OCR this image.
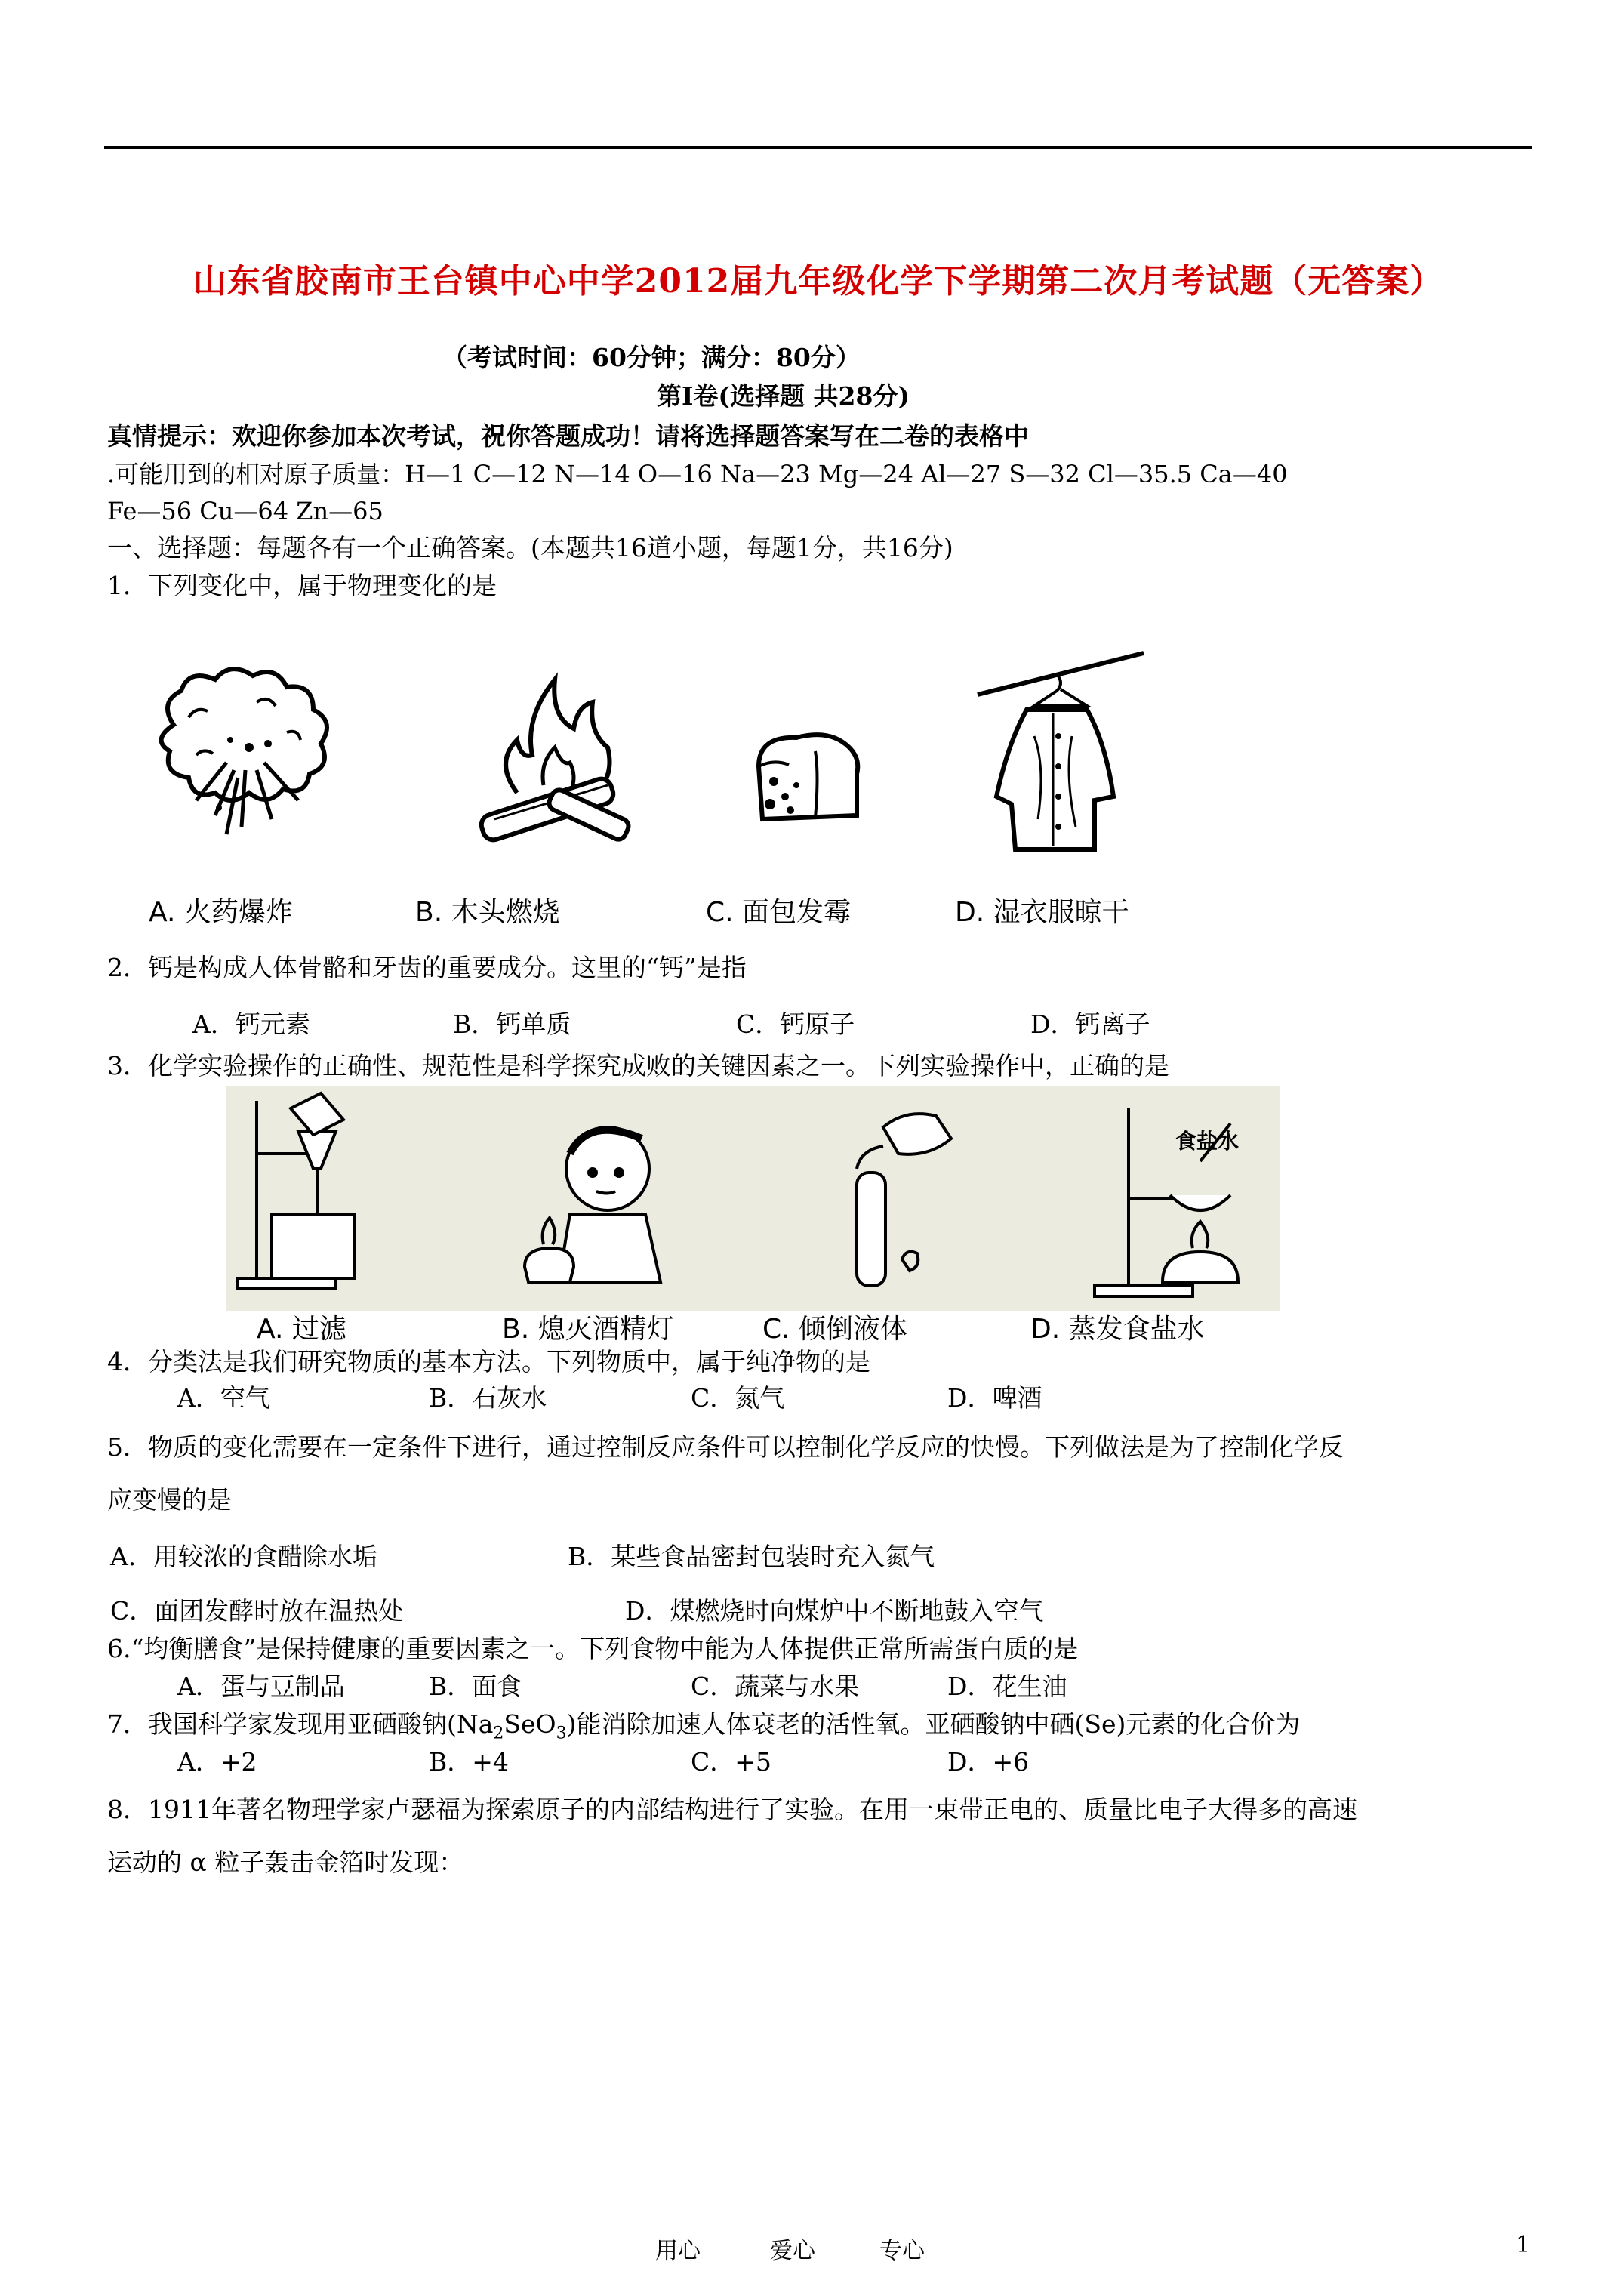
山东省胶南市王台镇中心中学2012届九年级化学下学期第二次月考试题（无答案）
（考试时间：60分钟；满分：80分）
第Ⅰ卷(选择题 共28分)
真情提示：欢迎你参加本次考试，祝你答题成功！请将选择题答案写在二卷的表格中
.可能用到的相对原子质量：H—1 C—12 N—14 O—16 Na—23 Mg—24 Al—27 S—32 Cl—35.5 Ca—40
Fe—56 Cu—64 Zn—65
一、选择题：每题各有一个正确答案。(本题共16道小题，每题1分，共16分)
1．下列变化中，属于物理变化的是
A. 火药爆炸	B. 木头燃烧	C. 面包发霉	D. 湿衣服晾干
2．钙是构成人体骨骼和牙齿的重要成分。这里的“钙”是指
A．钙元素	B．钙单质	C．钙原子	D．钙离子
3．化学实验操作的正确性、规范性是科学探究成败的关键因素之一。下列实验操作中，正确的是
食盐水
A. 过滤	B. 熄灭酒精灯	C. 倾倒液体	D. 蒸发食盐水
4．分类法是我们研究物质的基本方法。下列物质中，属于纯净物的是
A．空气	B．石灰水	C．氮气	D．啤酒
5．物质的变化需要在一定条件下进行，通过控制反应条件可以控制化学反应的快慢。下列做法是为了控制化学反
应变慢的是
A．用较浓的食醋除水垢	B．某些食品密封包装时充入氮气
C．面团发酵时放在温热处	D．煤燃烧时向煤炉中不断地鼓入空气
6.“均衡膳食”是保持健康的重要因素之一。下列食物中能为人体提供正常所需蛋白质的是
A．蛋与豆制品	B．面食	C．蔬菜与水果	D．花生油
7．我国科学家发现用亚硒酸钠$(Na_2SeO_3)$能消除加速人体衰老的活性氧。亚硒酸钠中硒(Se)元素的化合价为
A．+2	B．+4	C．+5	D．+6
8．1911年著名物理学家卢瑟福为探索原子的内部结构进行了实验。在用一束带正电的、质量比电子大得多的高速
运动的 α 粒子轰击金箔时发现：
用心	爱心	专心	1
